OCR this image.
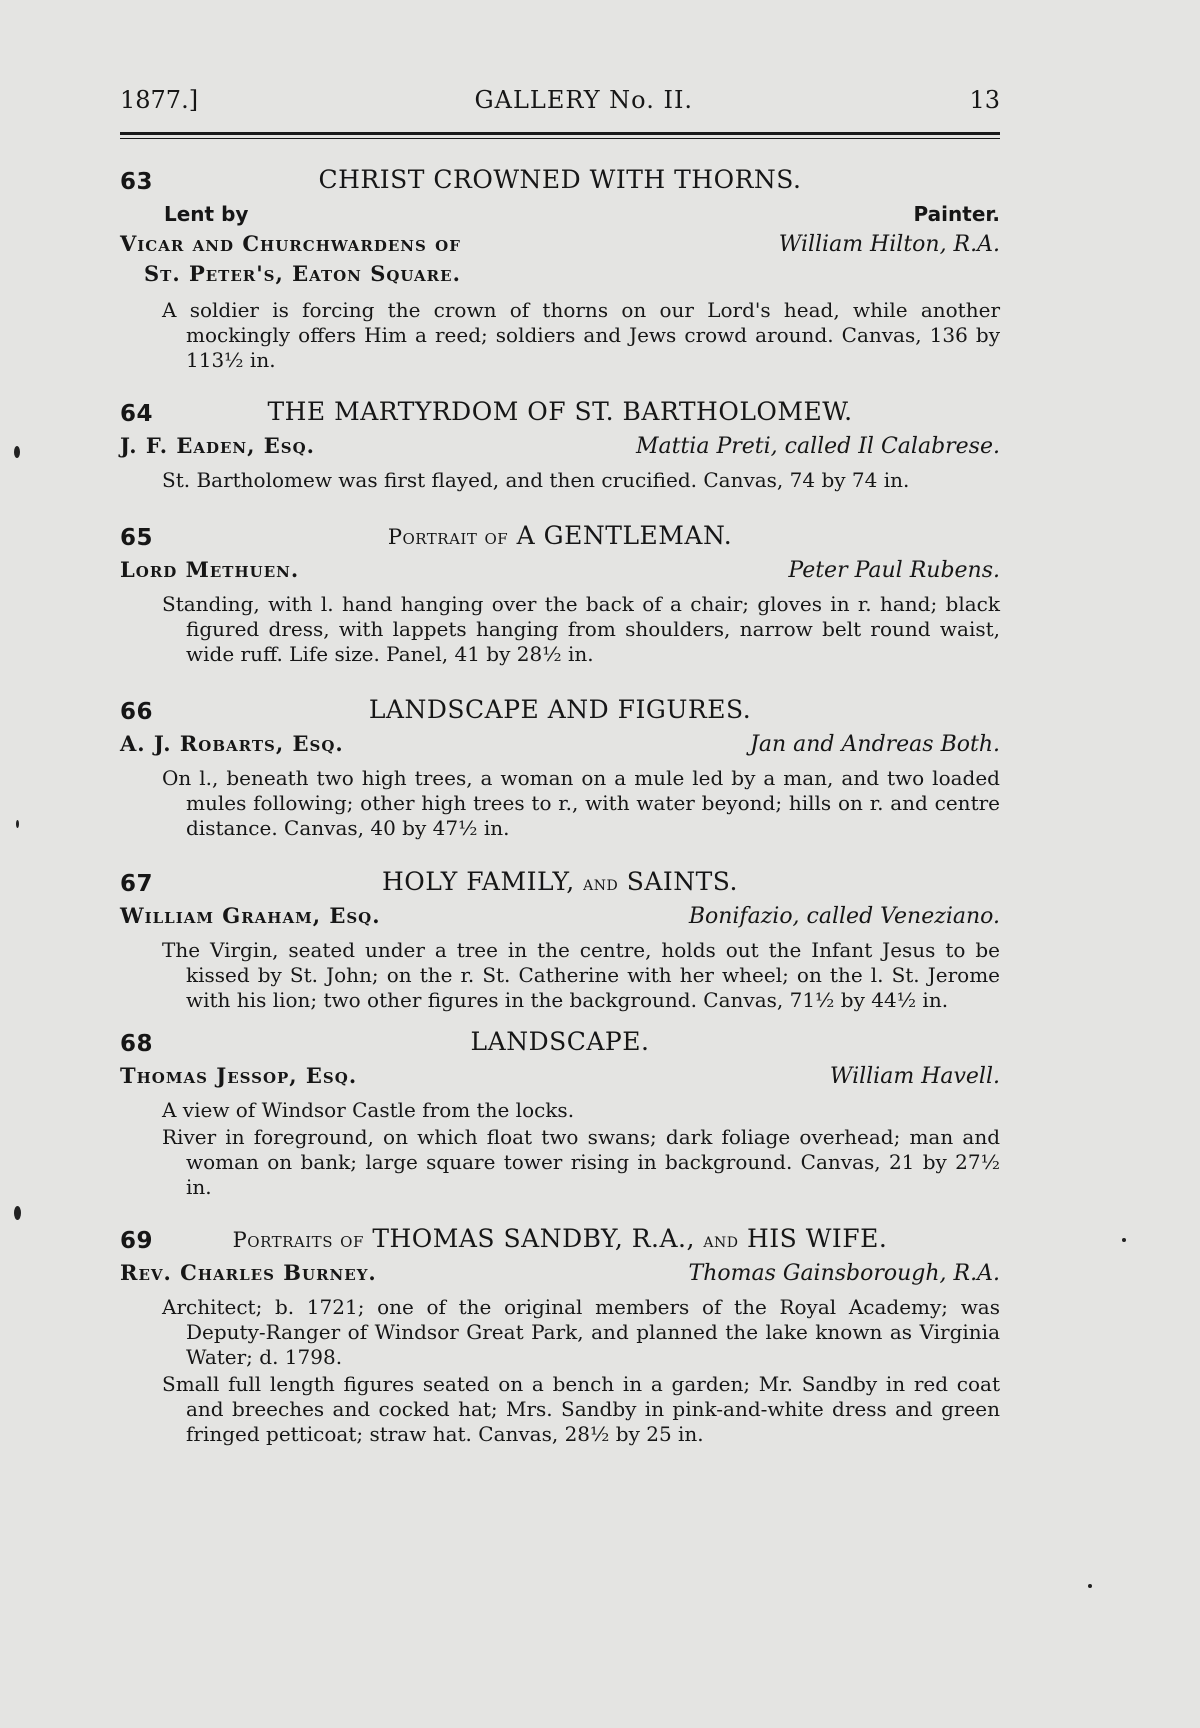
1877.]	GALLERY No. II.	13
63	CHRIST CROWNED WITH THORNS.
Lent by	Painter.
Vicar and Churchwardens of	William Hilton, R.A.
St. Peter's, Eaton Square.
A soldier is forcing the crown of thorns on our Lord's head, while another mockingly offers Him a reed; soldiers and Jews crowd around. Canvas, 136 by 113½ in.
64	THE MARTYRDOM OF ST. BARTHOLOMEW.
J. F. Eaden, Esq.	Mattia Preti, called Il Calabrese.
St. Bartholomew was first flayed, and then crucified. Canvas, 74 by 74 in.
65	Portrait of A GENTLEMAN.
Lord Methuen.	Peter Paul Rubens.
Standing, with l. hand hanging over the back of a chair; gloves in r. hand; black figured dress, with lappets hanging from shoulders, narrow belt round waist, wide ruff. Life size. Panel, 41 by 28½ in.
66	LANDSCAPE AND FIGURES.
A. J. Robarts, Esq.	Jan and Andreas Both.
On l., beneath two high trees, a woman on a mule led by a man, and two loaded mules following; other high trees to r., with water beyond; hills on r. and centre distance. Canvas, 40 by 47½ in.
67	HOLY FAMILY, and SAINTS.
William Graham, Esq.	Bonifazio, called Veneziano.
The Virgin, seated under a tree in the centre, holds out the Infant Jesus to be kissed by St. John; on the r. St. Catherine with her wheel; on the l. St. Jerome with his lion; two other figures in the background. Canvas, 71½ by 44½ in.
68	LANDSCAPE.
Thomas Jessop, Esq.	William Havell.
A view of Windsor Castle from the locks.
River in foreground, on which float two swans; dark foliage overhead; man and woman on bank; large square tower rising in background. Canvas, 21 by 27½ in.
69	Portraits of THOMAS SANDBY, R.A., and HIS WIFE.
Rev. Charles Burney.	Thomas Gainsborough, R.A.
Architect; b. 1721; one of the original members of the Royal Academy; was Deputy-Ranger of Windsor Great Park, and planned the lake known as Virginia Water; d. 1798.
Small full length figures seated on a bench in a garden; Mr. Sandby in red coat and breeches and cocked hat; Mrs. Sandby in pink-and-white dress and green fringed petticoat; straw hat. Canvas, 28½ by 25 in.
